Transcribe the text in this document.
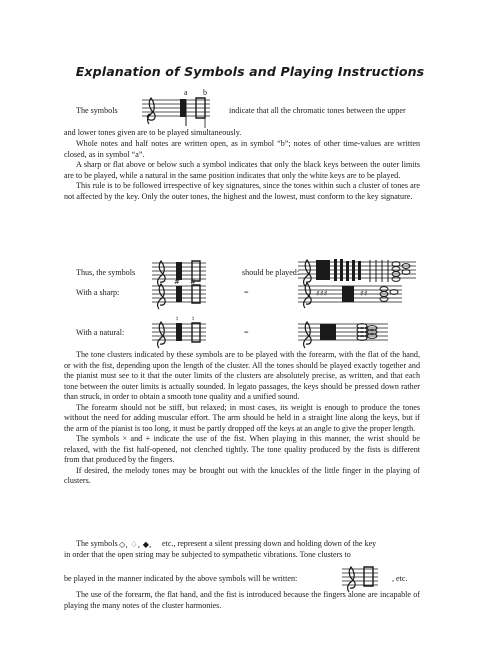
Explanation of Symbols and Playing Instructions
a b
The symbols	indicate that all the chromatic tones between the upper
and lower tones given are to be played simultaneously.

Whole notes and half notes are written open, as in symbol “b”; notes of other time-values are written closed, as in symbol “a”.

A sharp or flat above or below such a symbol indicates that only the black keys between the outer limits are to be played, while a natural in the same position indicates that only the white keys are to be played.

This rule is to be followed irrespective of key signatures, since the tones within such a cluster of tones are not affected by the key. Only the outer tones, the highest and the lowest, must conform to the key signature.

Thus, the symbols	should be played:
With a sharp:
# #
=	♯♯♯	♯♯
With a natural:
♮ ♮
=

The tone clusters indicated by these symbols are to be played with the forearm, with the flat of the hand, or with the fist, depending upon the length of the cluster. All the tones should be played exactly together and the pianist must see to it that the outer limits of the clusters are absolutely precise, as written, and that each tone between the outer limits is actually sounded. In legato passages, the keys should be pressed down rather than struck, in order to obtain a smooth tone quality and a unified sound.

The forearm should not be stiff, but relaxed; in most cases, its weight is enough to produce the tones without the need for adding muscular effort. The arm should be held in a straight line along the keys, but if the arm of the pianist is too long, it must be partly dropped off the keys at an angle to give the proper length.

The symbols × and + indicate the use of the fist. When playing in this manner, the wrist should be relaxed, with the fist half-opened, not clenched tightly. The tone quality produced by the fists is different from that produced by the fingers.

If desired, the melody tones may be brought out with the knuckles of the little finger in the playing of clusters.

The symbols ◇, ♢, ◆, etc., represent a silent pressing down and holding down of the key
in order that the open string may be subjected to sympathetic vibrations. Tone clusters to
be played in the manner indicated by the above symbols will be written:	, etc.

The use of the forearm, the flat hand, and the fist is introduced because the fingers alone are incapable of playing the many notes of the cluster harmonies.
